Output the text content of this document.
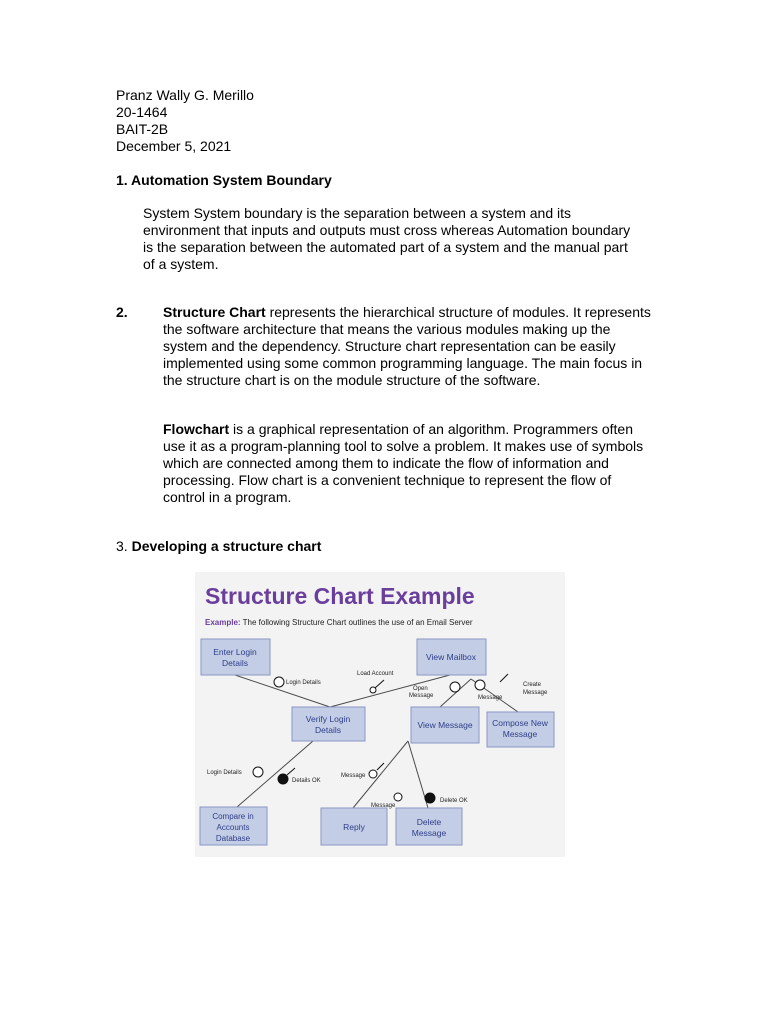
Pranz Wally G. Merillo
20-1464
BAIT-2B
December 5, 2021
1. Automation System Boundary
System System boundary is the separation between a system and its environment that inputs and outputs must cross whereas Automation boundary is the separation between the automated part of a system and the manual part of a system.
2.	Structure Chart represents the hierarchical structure of modules. It represents the software architecture that means the various modules making up the system and the dependency. Structure chart representation can be easily implemented using some common programming language. The main focus in the structure chart is on the module structure of the software.
Flowchart is a graphical representation of an algorithm. Programmers often use it as a program-planning tool to solve a problem. It makes use of symbols which are connected among them to indicate the flow of information and processing. Flow chart is a convenient technique to represent the flow of control in a program.
3. Developing a structure chart
Structure Chart Example
Example: The following Structure Chart outlines the use of an Email Server
Enter Login
Details
View Mailbox
Verify Login
Details	View Message Compose New
Message
Compare in
Accounts
Database
Reply	Delete
Message
Login Details
Load Account
Open
Message
Create
Message
Message
Login Details
Details OK
Message
Message
Delete OK
